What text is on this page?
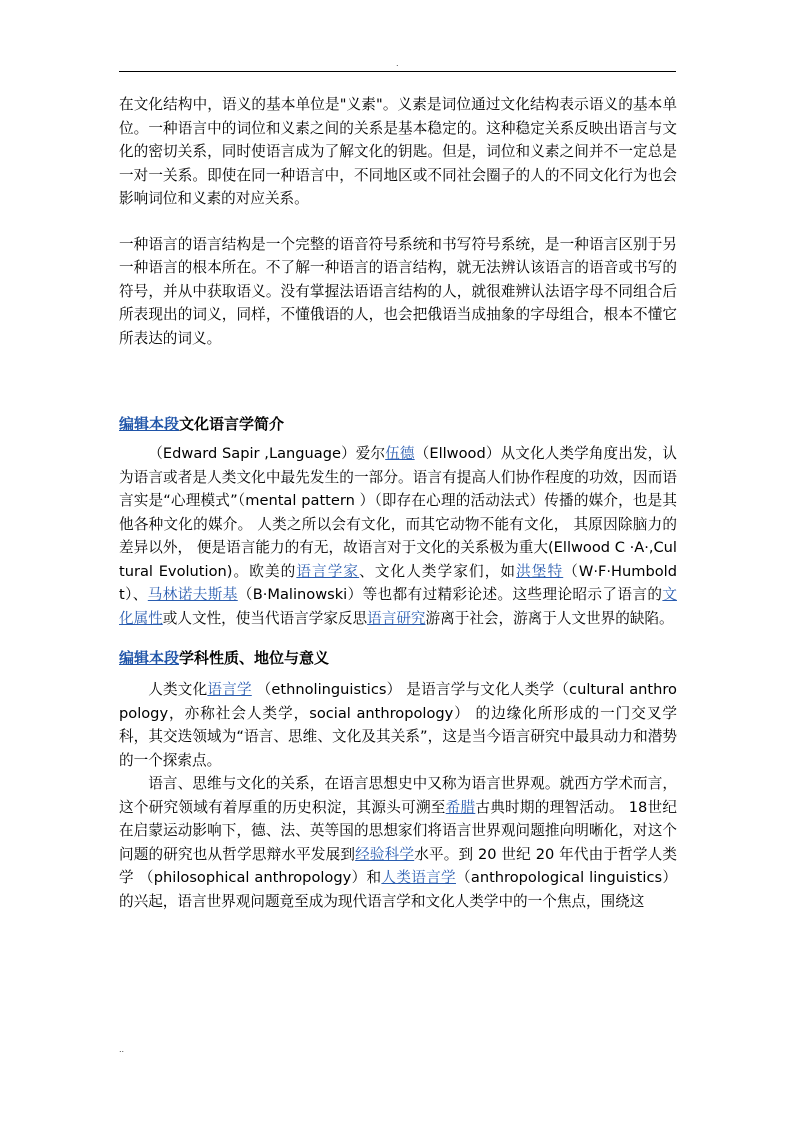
.

在文化结构中，语义的基本单位是"义素"。义素是词位通过文化结构表示语义的基本单位。一种语言中的词位和义素之间的关系是基本稳定的。这种稳定关系反映出语言与文化的密切关系，同时使语言成为了解文化的钥匙。但是，词位和义素之间并不一定总是一对一关系。即使在同一种语言中，不同地区或不同社会圈子的人的不同文化行为也会影响词位和义素的对应关系。

一种语言的语言结构是一个完整的语音符号系统和书写符号系统，是一种语言区别于另一种语言的根本所在。不了解一种语言的语言结构，就无法辨认该语言的语音或书写的符号，并从中获取语义。没有掌握法语语言结构的人，就很难辨认法语字母不同组合后所表现出的词义，同样，不懂俄语的人，也会把俄语当成抽象的字母组合，根本不懂它所表达的词义。

编辑本段文化语言学简介

（Edward Sapir ,Language）爱尔伍德（Ellwood）从文化人类学角度出发，认为语言或者是人类文化中最先发生的一部分。语言有提高人们协作程度的功效，因而语言实是“心理模式”（mental pattern ）（即存在心理的活动法式）传播的媒介，也是其他各种文化的媒介。 人类之所以会有文化，而其它动物不能有文化， 其原因除脑力的差异以外， 便是语言能力的有无，故语言对于文化的关系极为重大(Ellwood C ·A·,Cultural Evolution)。欧美的语言学家、文化人类学家们，如洪堡特（W·F·Humboldt）、马林诺夫斯基（B·Malinowski）等也都有过精彩论述。这些理论昭示了语言的文化属性或人文性，使当代语言学家反思语言研究游离于社会，游离于人文世界的缺陷。

编辑本段学科性质、地位与意义

人类文化语言学 （ethnolinguistics） 是语言学与文化人类学（cultural anthropology，亦称社会人类学，social anthropology） 的边缘化所形成的一门交叉学科，其交迭领域为“语言、思维、文化及其关系”，这是当今语言研究中最具动力和潜势的一个探索点。

语言、思维与文化的关系，在语言思想史中又称为语言世界观。就西方学术而言，这个研究领域有着厚重的历史积淀，其源头可溯至希腊古典时期的理智活动。 18世纪在启蒙运动影响下，德、法、英等国的思想家们将语言世界观问题推向明晰化，对这个问题的研究也从哲学思辩水平发展到经验科学水平。到 20 世纪 20 年代由于哲学人类学 （philosophical anthropology）和人类语言学（anthropological linguistics） 的兴起，语言世界观问题竟至成为现代语言学和文化人类学中的一个焦点，围绕这

..
